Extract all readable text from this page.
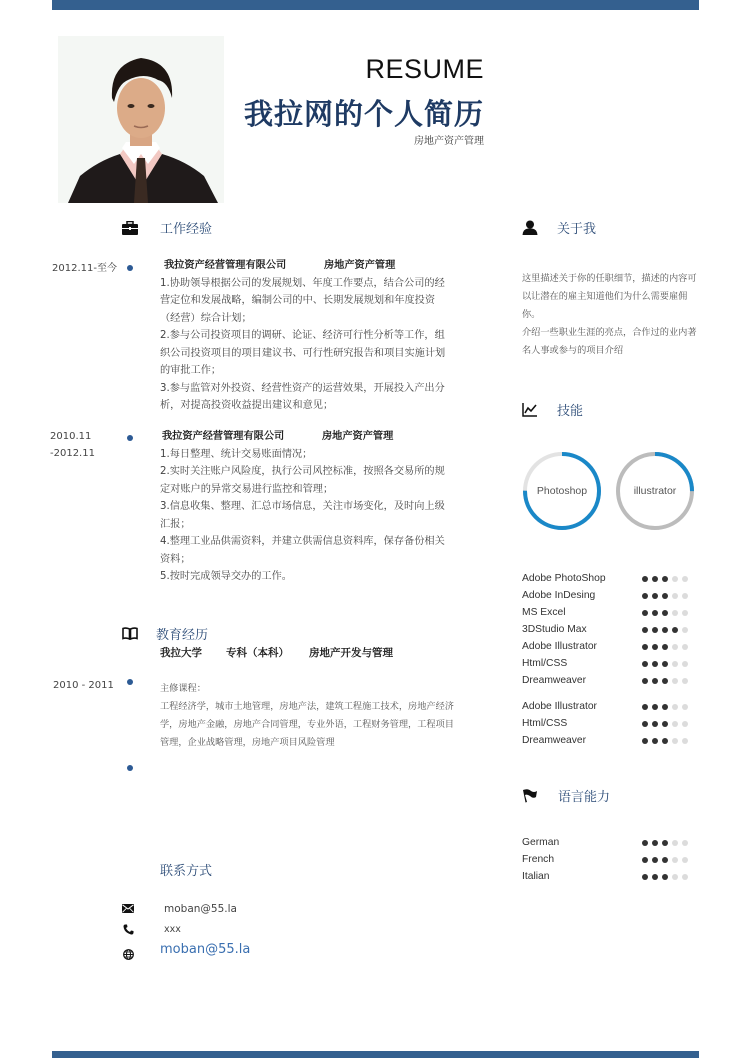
RESUME
我拉网的个人简历
房地产资产管理
工作经验
2012.11-至今	我拉资产经营管理有限公司	房地产资产管理

1.协助领导根据公司的发展规划、年度工作要点，结合公司的经营定位和发展战略，编制公司的中、长期发展规划和年度投资（经营）综合计划；

2.参与公司投资项目的调研、论证、经济可行性分析等工作，组织公司投资项目的项目建议书、可行性研究报告和项目实施计划的审批工作；

3.参与监管对外投资、经营性资产的运营效果，开展投入产出分析，对提高投资收益提出建议和意见；

2010.11
-2012.11
我拉资产经营管理有限公司	房地产资产管理

1.每日整理、统计交易账面情况；

2.实时关注账户风险度，执行公司风控标准，按照各交易所的规定对账户的异常交易进行监控和管理；

3.信息收集、整理、汇总市场信息，关注市场变化，及时向上级汇报；

4.整理工业品供需资料，并建立供需信息资料库，保存备份相关资料；

5.按时完成领导交办的工作。

教育经历
我拉大学	专科（本科）	房地产开发与管理
2010 - 2011	主修课程：
工程经济学，城市土地管理，房地产法，建筑工程施工技术，房地产经济学，房地产金融，房地产合同管理，专业外语，工程财务管理，工程项目管理，企业战略管理，房地产项目风险管理
联系方式
moban@55.la
xxx
moban@55.la
关于我
这里描述关于你的任职细节，描述的内容可以让潜在的雇主知道他们为什么需要雇佣你。
介绍一些职业生涯的亮点，合作过的业内著名人事或参与的项目介绍
技能
Photoshop	illustrator
Adobe PhotoShop
Adobe InDesing
MS Excel
3DStudio Max
Adobe Illustrator
Html/CSS
Dreamweaver
Adobe Illustrator
Html/CSS
Dreamweaver
语言能力
German
French
Italian
